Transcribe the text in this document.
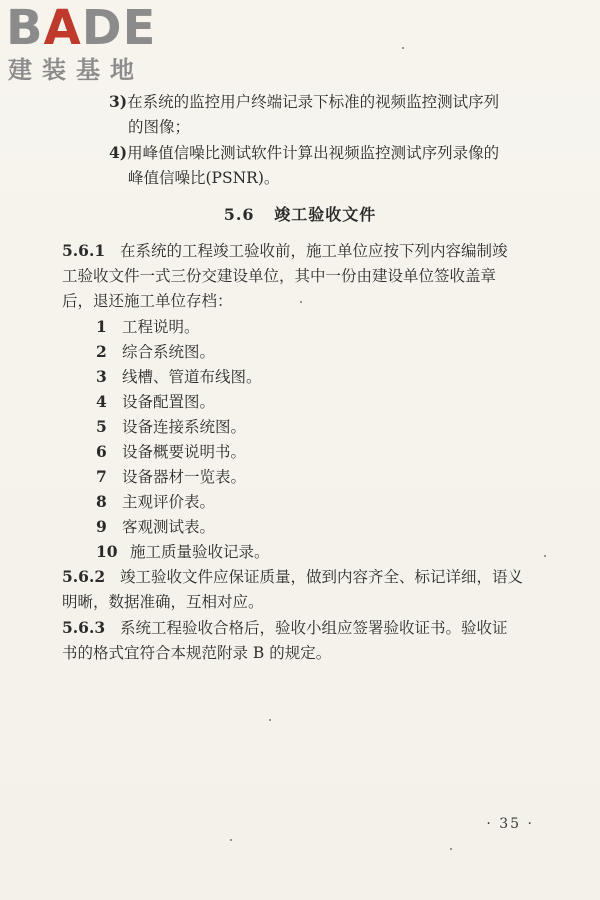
BADE
建装基地
3)在系统的监控用户终端记录下标准的视频监控测试序列
的图像；
4)用峰值信噪比测试软件计算出视频监控测试序列录像的
峰值信噪比(PSNR)。
5.6 竣工验收文件
5.6.1 在系统的工程竣工验收前，施工单位应按下列内容编制竣
工验收文件一式三份交建设单位，其中一份由建设单位签收盖章
后，退还施工单位存档：
1 工程说明。
2 综合系统图。
3 线槽、管道布线图。
4 设备配置图。
5 设备连接系统图。
6 设备概要说明书。
7 设备器材一览表。
8 主观评价表。
9 客观测试表。
10 施工质量验收记录。
5.6.2 竣工验收文件应保证质量，做到内容齐全、标记详细，语义
明晰，数据准确，互相对应。
5.6.3 系统工程验收合格后，验收小组应签署验收证书。验收证
书的格式宜符合本规范附录 B 的规定。
· 35 ·
